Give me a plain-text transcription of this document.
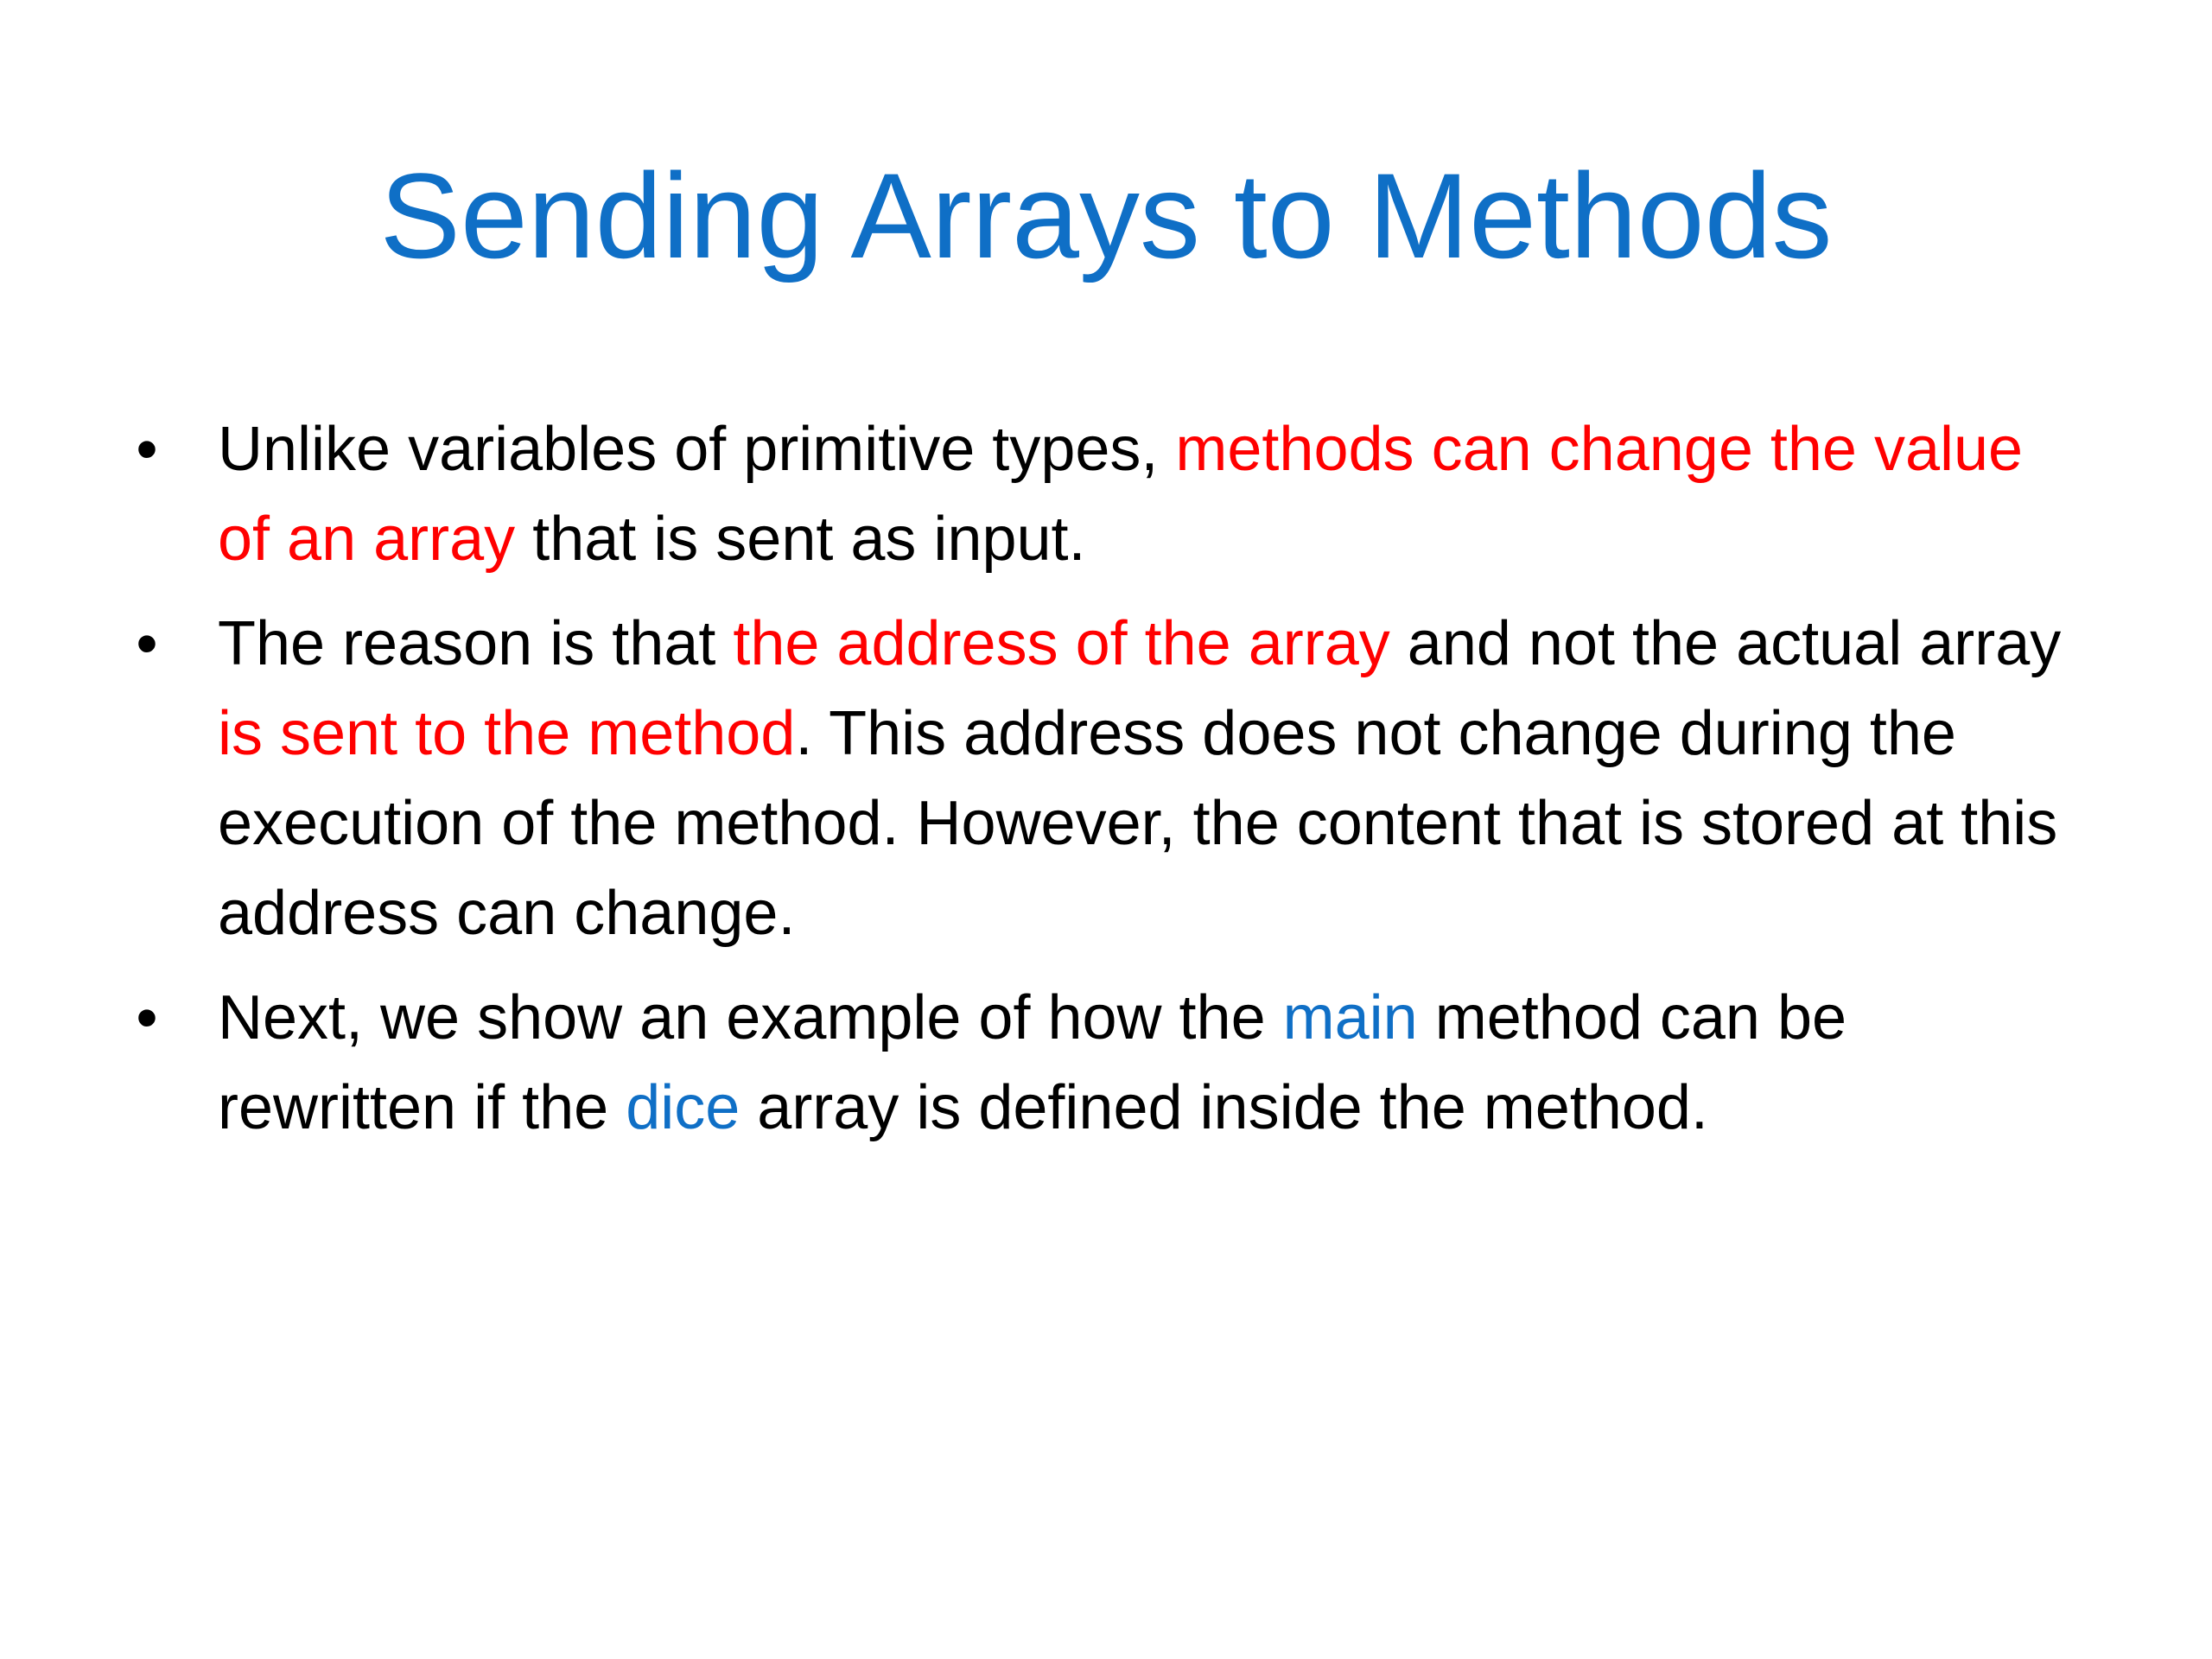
Sending Arrays to Methods
• Unlike variables of primitive types, methods can change the value of an array that is sent as input.
• The reason is that the address of the array and not the actual array is sent to the method. This address does not change during the execution of the method. However, the content that is stored at this address can change.
• Next, we show an example of how the main method can be rewritten if the dice array is defined inside the method.
